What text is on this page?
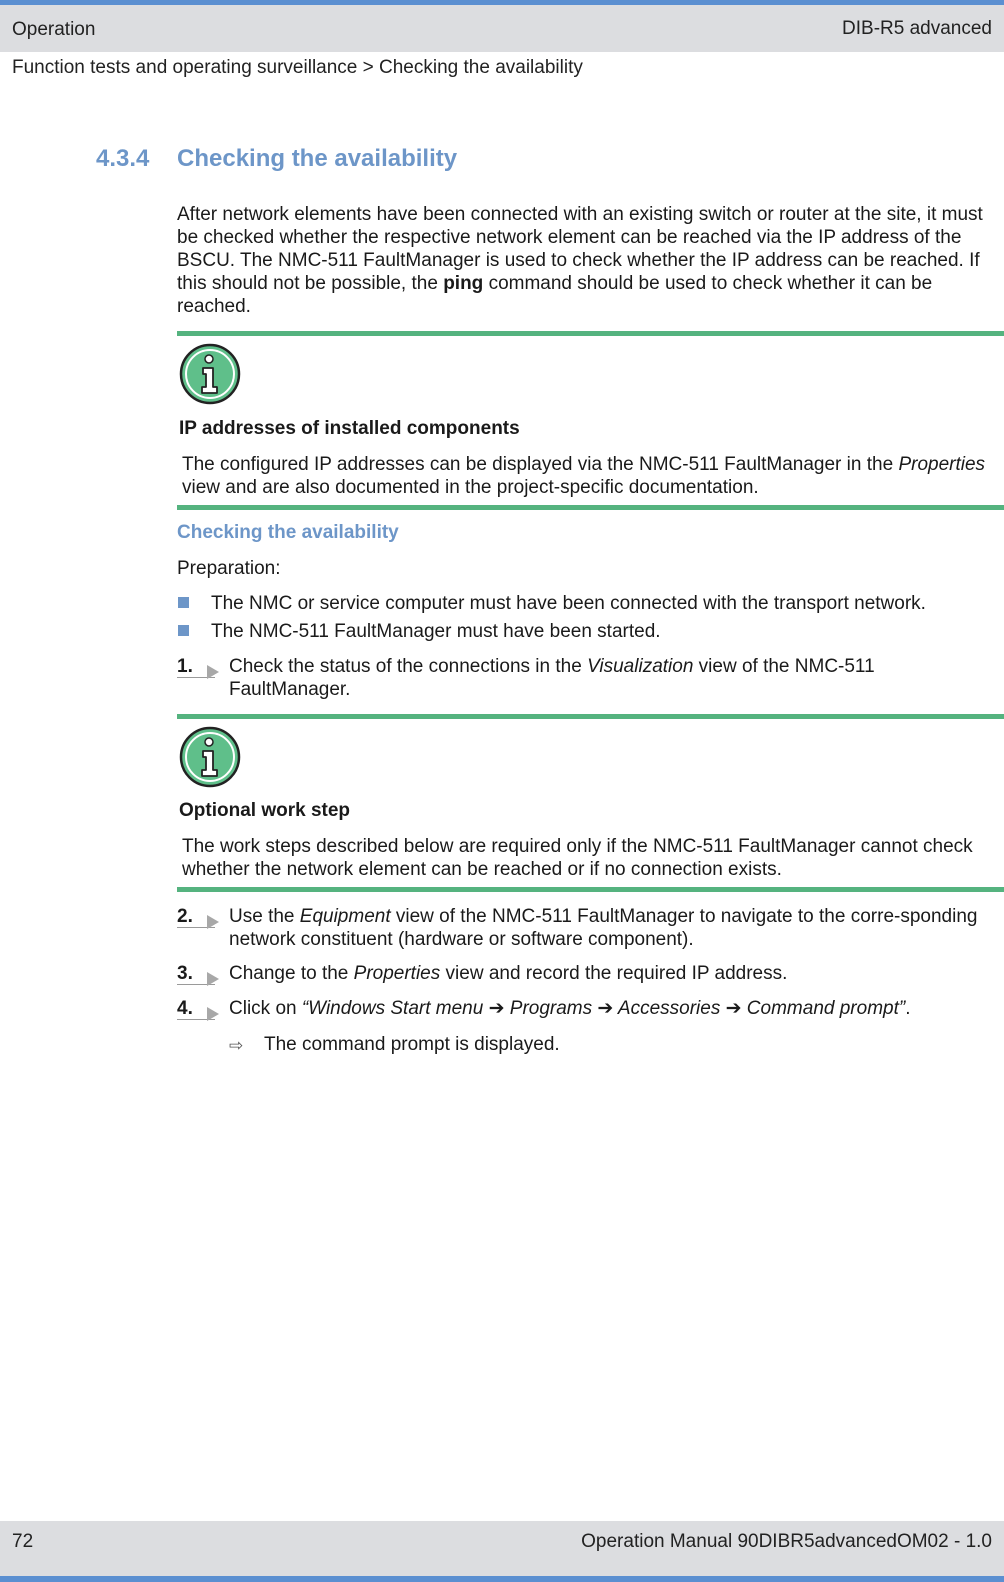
Operation	DIB-R5 advanced
Function tests and operating surveillance > Checking the availability
4.3.4 Checking the availability
After network elements have been connected with an existing switch or router at the site, it must be checked whether the respective network element can be reached via the IP address of the BSCU. The NMC-511 FaultManager is used to check whether the IP address can be reached. If this should not be possible, the ping command should be used to check whether it can be reached.
IP addresses of installed components
The configured IP addresses can be displayed via the NMC-511 FaultManager in the Properties view and are also documented in the project-specific documentation.
Checking the availability
Preparation:
The NMC or service computer must have been connected with the transport network.
The NMC-511 FaultManager must have been started.
1. Check the status of the connections in the Visualization view of the NMC-511 FaultManager.
Optional work step
The work steps described below are required only if the NMC-511 FaultManager cannot check whether the network element can be reached or if no connection exists.
2. Use the Equipment view of the NMC-511 FaultManager to navigate to the corre-sponding network constituent (hardware or software component).
3. Change to the Properties view and record the required IP address.
4. Click on “Windows Start menu ➔ Programs ➔ Accessories ➔ Command prompt”.
⇨ The command prompt is displayed.
72	Operation Manual 90DIBR5advancedOM02 - 1.0
